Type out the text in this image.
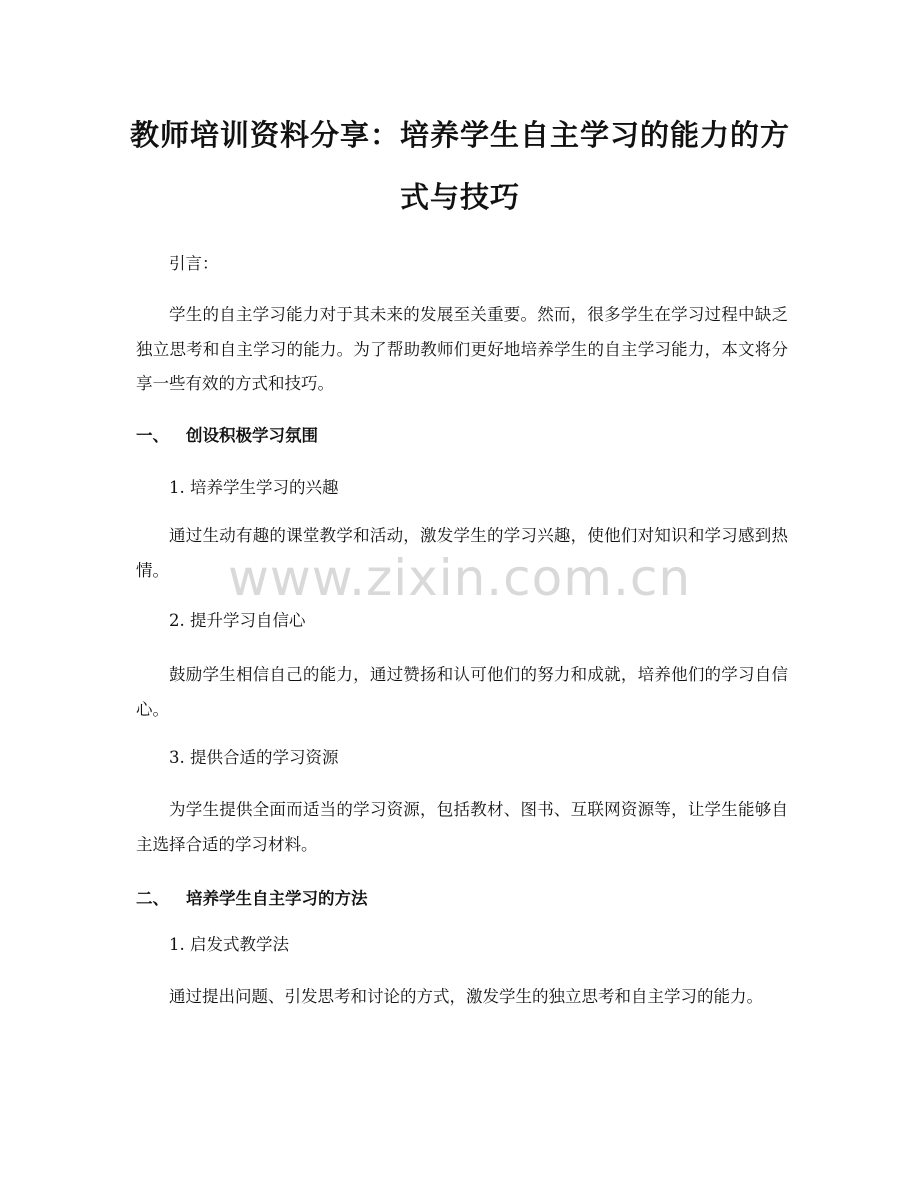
教师培训资料分享：培养学生自主学习的能力的方式与技巧

引言：

学生的自主学习能力对于其未来的发展至关重要。然而，很多学生在学习过程中缺乏独立思考和自主学习的能力。为了帮助教师们更好地培养学生的自主学习能力，本文将分享一些有效的方式和技巧。

一、 创设积极学习氛围

1. 培养学生学习的兴趣

通过生动有趣的课堂教学和活动，激发学生的学习兴趣，使他们对知识和学习感到热情。

2. 提升学习自信心

鼓励学生相信自己的能力，通过赞扬和认可他们的努力和成就，培养他们的学习自信心。

3. 提供合适的学习资源

为学生提供全面而适当的学习资源，包括教材、图书、互联网资源等，让学生能够自主选择合适的学习材料。

二、 培养学生自主学习的方法

1. 启发式教学法

通过提出问题、引发思考和讨论的方式，激发学生的独立思考和自主学习的能力。

www.zixin.com.cn
